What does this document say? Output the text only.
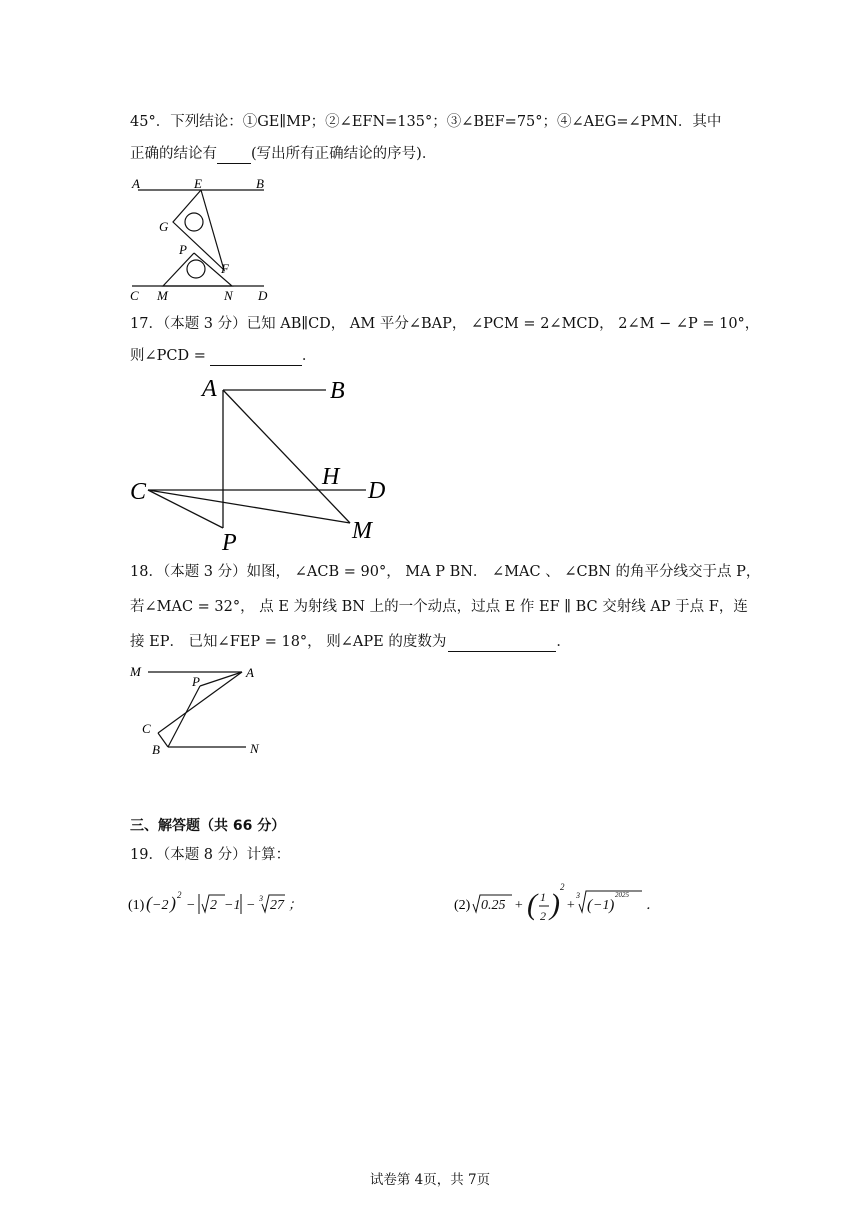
45°．下列结论：①GE∥MP；②∠EFN=135°；③∠BEF=75°；④∠AEG=∠PMN．其中
正确的结论有 (写出所有正确结论的序号)．
A	E	B
G
P
F
C M	N D
17．（本题 3 分）已知 AB∥CD， AM 平分∠BAP， ∠PCM = 2∠MCD， 2∠M − ∠P = 10°，
则∠PCD =	．
A	B
H
C	D
M
P
18．（本题 3 分）如图， ∠ACB = 90°， MA P BN． ∠MAC 、 ∠CBN 的角平分线交于点 P，
若∠MAC = 32°， 点 E 为射线 BN 上的一个动点，过点 E 作 EF ∥ BC 交射线 AP 于点 F，连
接 EP． 已知∠FEP = 18°， 则∠APE 的度数为	．
M
P
A
C
B	N
三、解答题（共 66 分）
19．（本题 8 分）计算：
(1) ( −2 ) 2
− 2 −1 − 3 27 ；	(2) 0.25 + ( 1
2 )
2
+
3
( −1 )
2025
．
试卷第 4页，共 7页
